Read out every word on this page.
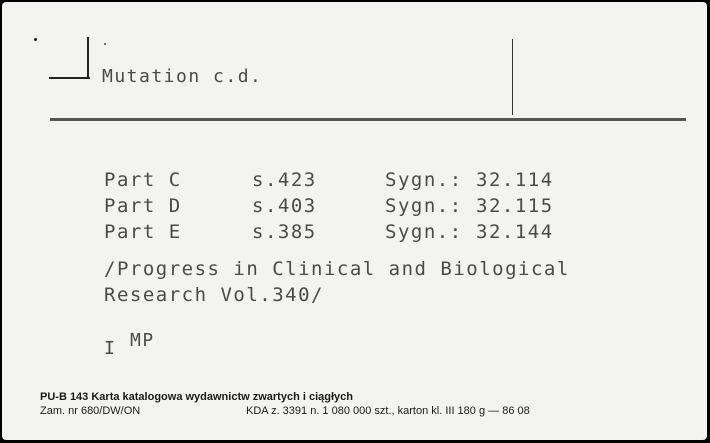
Mutation c.d.
Part C	s.423	Sygn.: 32.114
Part D	s.403	Sygn.: 32.115
Part E	s.385	Sygn.: 32.144
/Progress in Clinical and Biological
Research Vol.340/
I MP
PU-B 143 Karta katalogowa wydawnictw zwartych i ciągłych
Zam. nr 680/DW/ON	KDA z. 3391 n. 1 080 000 szt., karton kl. III 180 g — 86 08
